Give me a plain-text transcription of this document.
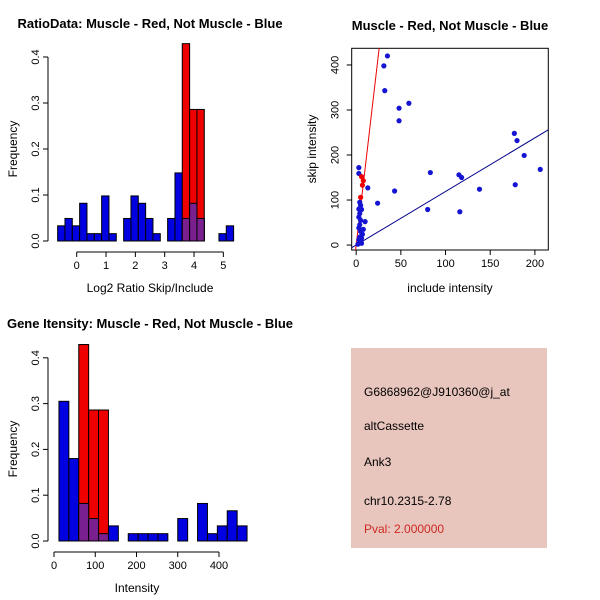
RatioData: Muscle - Red, Not Muscle - Blue
0.0
0.1
0.2
0.3
0.4
0 1 2 3 4 5
Log2 Ratio Skip/Include
Frequency
Muscle - Red, Not Muscle - Blue
0	50	100 150 200
0
100
200
300
400
include intensity
skip intensity
Gene Itensity: Muscle - Red, Not Muscle - Blue
0.0
0.1
0.2
0.3
0.4
0	100 200 300 400
Intensity
Frequency
G6868962@J910360@j_at
altCassette
Ank3
chr10.2315-2.78
Pval: 2.000000
